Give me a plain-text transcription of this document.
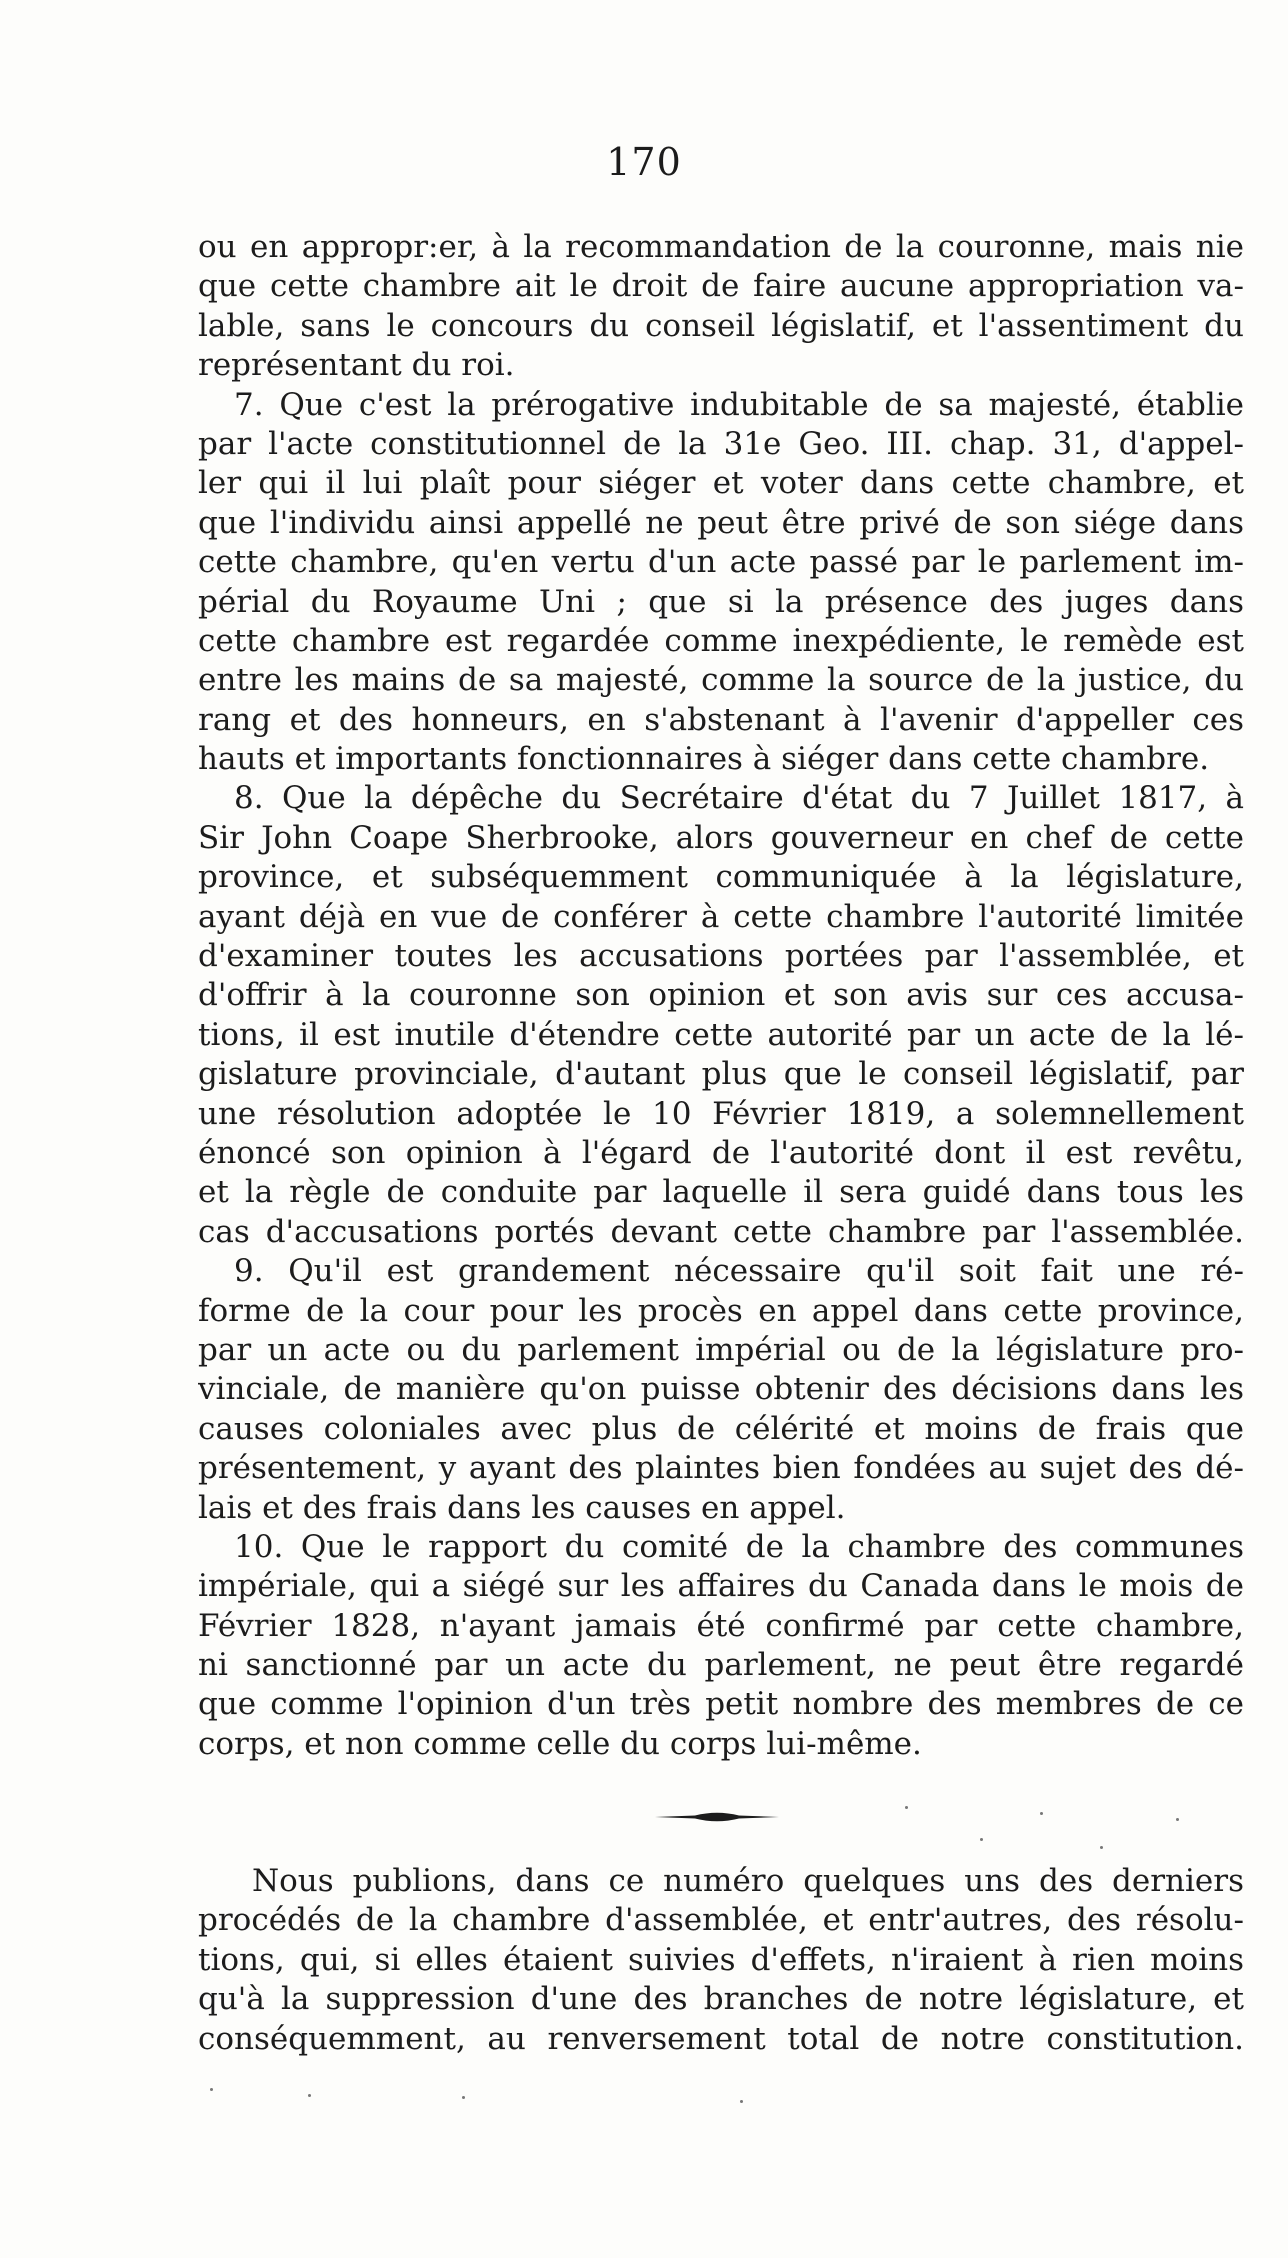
170
ou en appropr:er, à la recommandation de la couronne, mais nie
que cette chambre ait le droit de faire aucune appropriation va-
lable, sans le concours du conseil législatif, et l'assentiment du
représentant du roi.
7. Que c'est la prérogative indubitable de sa majesté, établie
par l'acte constitutionnel de la 31e Geo. III. chap. 31, d'appel-
ler qui il lui plaît pour siéger et voter dans cette chambre, et
que l'individu ainsi appellé ne peut être privé de son siége dans
cette chambre, qu'en vertu d'un acte passé par le parlement im-
périal du Royaume Uni ; que si la présence des juges dans
cette chambre est regardée comme inexpédiente, le remède est
entre les mains de sa majesté, comme la source de la justice, du
rang et des honneurs, en s'abstenant à l'avenir d'appeller ces
hauts et importants fonctionnaires à siéger dans cette chambre.
8. Que la dépêche du Secrétaire d'état du 7 Juillet 1817, à
Sir John Coape Sherbrooke, alors gouverneur en chef de cette
province, et subséquemment communiquée à la législature,
ayant déjà en vue de conférer à cette chambre l'autorité limitée
d'examiner toutes les accusations portées par l'assemblée, et
d'offrir à la couronne son opinion et son avis sur ces accusa-
tions, il est inutile d'étendre cette autorité par un acte de la lé-
gislature provinciale, d'autant plus que le conseil législatif, par
une résolution adoptée le 10 Février 1819, a solemnellement
énoncé son opinion à l'égard de l'autorité dont il est revêtu,
et la règle de conduite par laquelle il sera guidé dans tous les
cas d'accusations portés devant cette chambre par l'assemblée.
9. Qu'il est grandement nécessaire qu'il soit fait une ré-
forme de la cour pour les procès en appel dans cette province,
par un acte ou du parlement impérial ou de la législature pro-
vinciale, de manière qu'on puisse obtenir des décisions dans les
causes coloniales avec plus de célérité et moins de frais que
présentement, y ayant des plaintes bien fondées au sujet des dé-
lais et des frais dans les causes en appel.
10. Que le rapport du comité de la chambre des communes
impériale, qui a siégé sur les affaires du Canada dans le mois de
Février 1828, n'ayant jamais été confirmé par cette chambre,
ni sanctionné par un acte du parlement, ne peut être regardé
que comme l'opinion d'un très petit nombre des membres de ce
corps, et non comme celle du corps lui-même.
Nous publions, dans ce numéro quelques uns des derniers
procédés de la chambre d'assemblée, et entr'autres, des résolu-
tions, qui, si elles étaient suivies d'effets, n'iraient à rien moins
qu'à la suppression d'une des branches de notre législature, et
conséquemment, au renversement total de notre constitution.
